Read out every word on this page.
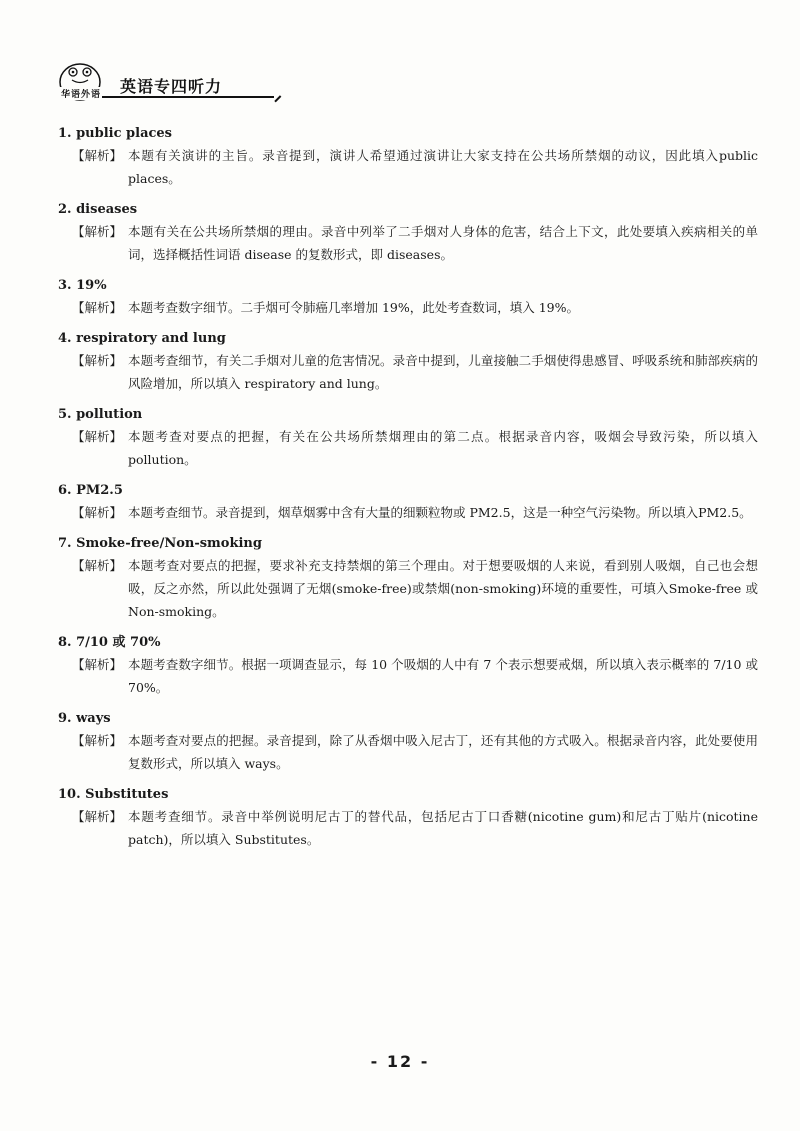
华语外语 英语专四听力
1. public places
【解析】 本题有关演讲的主旨。录音提到，演讲人希望通过演讲让大家支持在公共场所禁烟的动议，因此填入public places。
2. diseases
【解析】 本题有关在公共场所禁烟的理由。录音中列举了二手烟对人身体的危害，结合上下文，此处要填入疾病相关的单词，选择概括性词语 disease 的复数形式，即 diseases。
3. 19%
【解析】 本题考查数字细节。二手烟可令肺癌几率增加 19%，此处考查数词，填入 19%。
4. respiratory and lung
【解析】 本题考查细节，有关二手烟对儿童的危害情况。录音中提到，儿童接触二手烟使得患感冒、呼吸系统和肺部疾病的风险增加，所以填入 respiratory and lung。
5. pollution
【解析】 本题考查对要点的把握，有关在公共场所禁烟理由的第二点。根据录音内容，吸烟会导致污染，所以填入 pollution。
6. PM2.5
【解析】 本题考查细节。录音提到，烟草烟雾中含有大量的细颗粒物或 PM2.5，这是一种空气污染物。所以填入PM2.5。
7. Smoke-free/Non-smoking
【解析】 本题考查对要点的把握，要求补充支持禁烟的第三个理由。对于想要吸烟的人来说，看到别人吸烟，自己也会想吸，反之亦然，所以此处强调了无烟(smoke-free)或禁烟(non-smoking)环境的重要性，可填入Smoke-free 或 Non-smoking。
8. 7/10 或 70%
【解析】 本题考查数字细节。根据一项调查显示，每 10 个吸烟的人中有 7 个表示想要戒烟，所以填入表示概率的 7/10 或 70%。
9. ways
【解析】 本题考查对要点的把握。录音提到，除了从香烟中吸入尼古丁，还有其他的方式吸入。根据录音内容，此处要使用复数形式，所以填入 ways。
10. Substitutes
【解析】 本题考查细节。录音中举例说明尼古丁的替代品，包括尼古丁口香糖(nicotine gum)和尼古丁贴片(nicotine patch)，所以填入 Substitutes。
- 12 -
